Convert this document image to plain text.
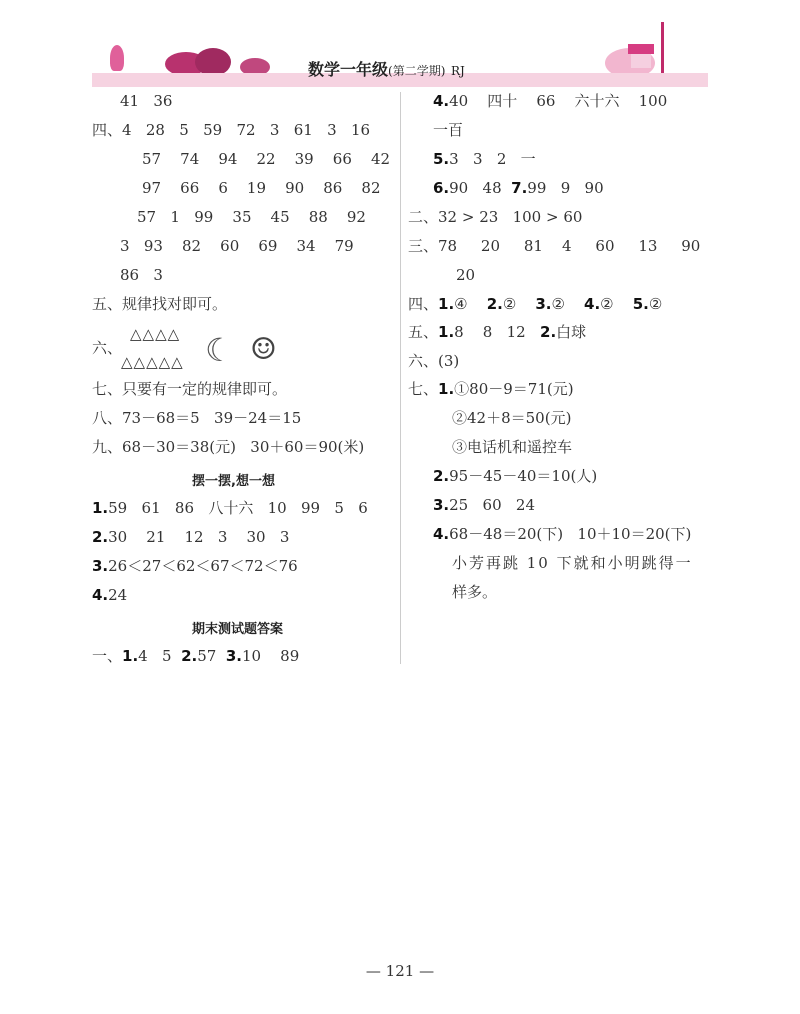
数学一年级(第二学期) RJ
41   36
四、4   28   5   59   72   3   61   3   16
57    74    94    22    39    66    42
97    66    6    19    90    86    82
57   1   99    35    45    88    92
3   93    82    60    69    34    79
86   3
五、规律找对即可。
六、
△△△△
△△△△△ ☾ ☺
七、只要有一定的规律即可。
八、73－68＝5   39－24＝15
九、68－30＝38(元)   30＋60＝90(米)
摆一摆,想一想
1.59   61   86   八十六   10   99   5   6
2.30    21    12   3    30   3
3.26＜27＜62＜67＜72＜76
4.24
期末测试题答案
一、1.4   5  2.57  3.10    89
4.40    四十    66    六十六    100
一百
5.3   3   2   一
6.90   48  7.99   9   90
二、32 > 23   100 > 60
三、78     20     81    4     60     13     90
20
四、1.④    2.②    3.②    4.②    5.②
五、1.8    8   12   2.白球
六、(3)
七、1.①80－9＝71(元)
②42＋8＝50(元)
③电话机和遥控车
2.95－45－40＝10(人)
3.25   60   24
4.68－48＝20(下)   10＋10＝20(下)
小芳再跳 10 下就和小明跳得一
样多。
— 121 —
